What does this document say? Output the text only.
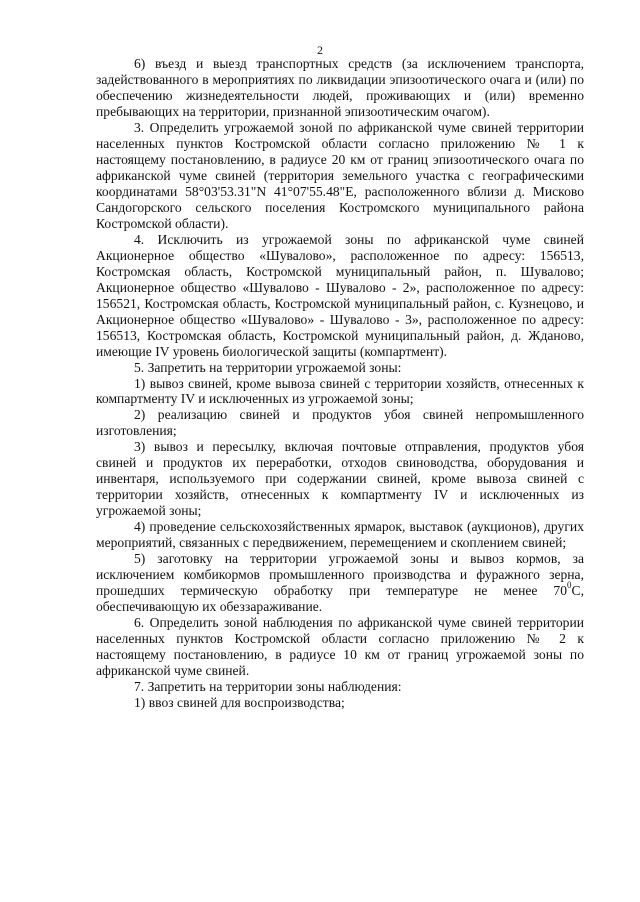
2

6) въезд и выезд транспортных средств (за исключением транспорта, задействованного в мероприятиях по ликвидации эпизоотического очага и (или) по обеспечению жизнедеятельности людей, проживающих и (или) временно пребывающих на территории, признанной эпизоотическим очагом).

3. Определить угрожаемой зоной по африканской чуме свиней территории населенных пунктов Костромской области согласно приложению № 1 к настоящему постановлению, в радиусе 20 км от границ эпизоотического очага по африканской чуме свиней (территория земельного участка с географическими координатами 58°03'53.31"N 41°07'55.48"E, расположенного вблизи д. Мисково Сандогорского сельского поселения Костромского муниципального района Костромской области).

4. Исключить из угрожаемой зоны по африканской чуме свиней Акционерное общество «Шувалово», расположенное по адресу: 156513, Костромская область, Костромской муниципальный район, п. Шувалово; Акционерное общество «Шувалово - Шувалово - 2», расположенное по адресу: 156521, Костромская область, Костромской муниципальный район, с. Кузнецово, и Акционерное общество «Шувалово» - Шувалово - 3», расположенное по адресу: 156513, Костромская область, Костромской муниципальный район, д. Жданово, имеющие IV уровень биологической защиты (компартмент).

5. Запретить на территории угрожаемой зоны:

1) вывоз свиней, кроме вывоза свиней с территории хозяйств, отнесенных к компартменту IV и исключенных из угрожаемой зоны;

2) реализацию свиней и продуктов убоя свиней непромышленного изготовления;

3) вывоз и пересылку, включая почтовые отправления, продуктов убоя свиней и продуктов их переработки, отходов свиноводства, оборудования и инвентаря, используемого при содержании свиней, кроме вывоза свиней с территории хозяйств, отнесенных к компартменту IV и исключенных из угрожаемой зоны;

4) проведение сельскохозяйственных ярмарок, выставок (аукционов), других мероприятий, связанных с передвижением, перемещением и скоплением свиней;

5) заготовку на территории угрожаемой зоны и вывоз кормов, за исключением комбикормов промышленного производства и фуражного зерна, прошедших термическую обработку при температуре не менее $70^0С$, обеспечивающую их обеззараживание.

6. Определить зоной наблюдения по африканской чуме свиней территории населенных пунктов Костромской области согласно приложению № 2 к настоящему постановлению, в радиусе 10 км от границ угрожаемой зоны по африканской чуме свиней.

7. Запретить на территории зоны наблюдения:

1) ввоз свиней для воспроизводства;
